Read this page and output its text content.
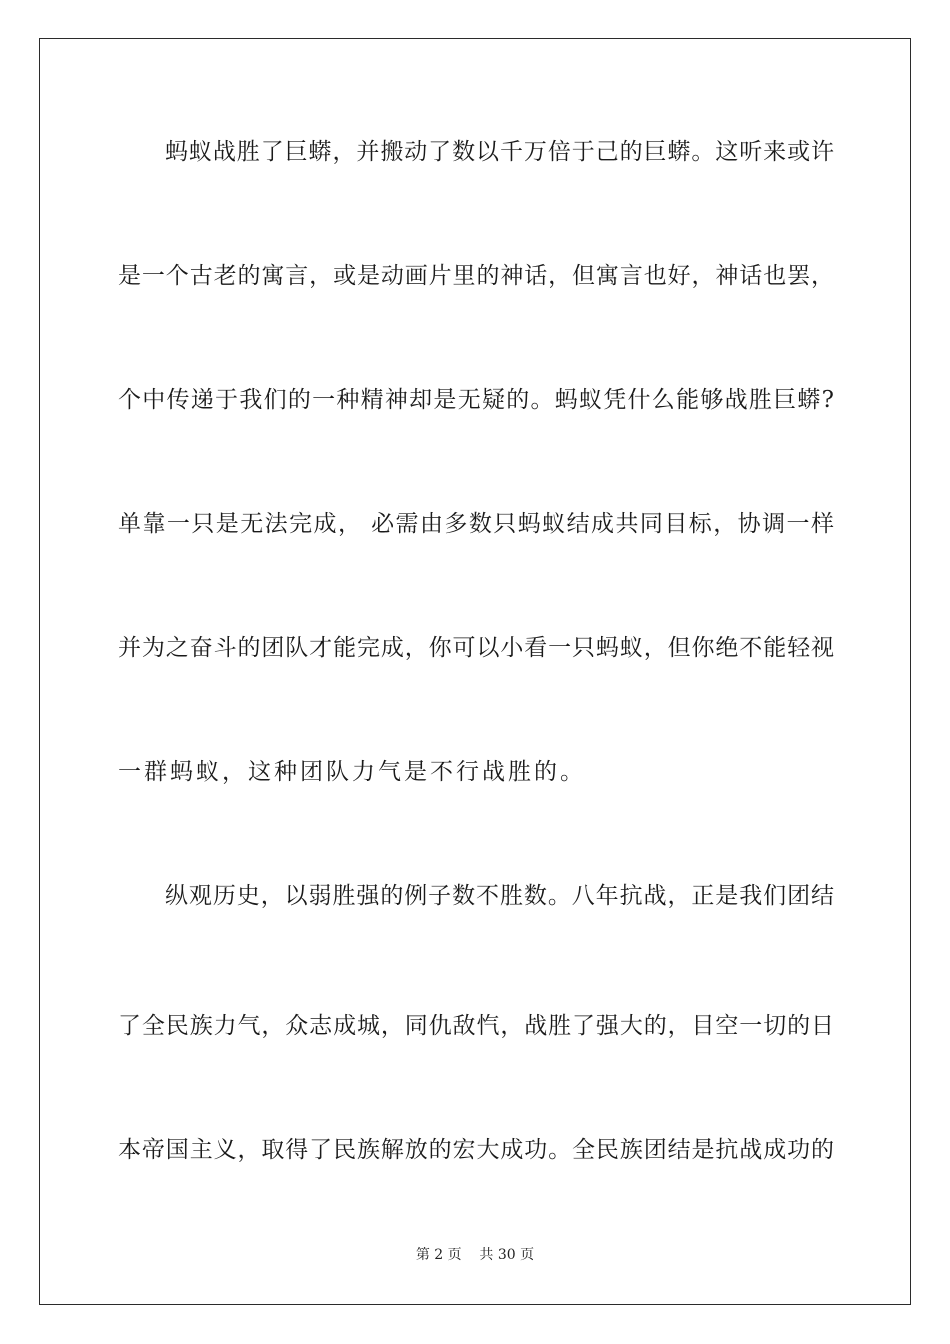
蚂蚁战胜了巨蟒，并搬动了数以千万倍于己的巨蟒。这听来或许
是一个古老的寓言，或是动画片里的神话，但寓言也好，神话也罢，
个中传递于我们的一种精神却是无疑的。蚂蚁凭什么能够战胜巨蟒?
单靠一只是无法完成， 必需由多数只蚂蚁结成共同目标，协调一样
并为之奋斗的团队才能完成，你可以小看一只蚂蚁，但你绝不能轻视
一群蚂蚁，这种团队力气是不行战胜的。
纵观历史，以弱胜强的例子数不胜数。八年抗战，正是我们团结
了全民族力气，众志成城，同仇敌忾，战胜了强大的，目空一切的日
本帝国主义，取得了民族解放的宏大成功。全民族团结是抗战成功的
第 2 页    共 30 页
